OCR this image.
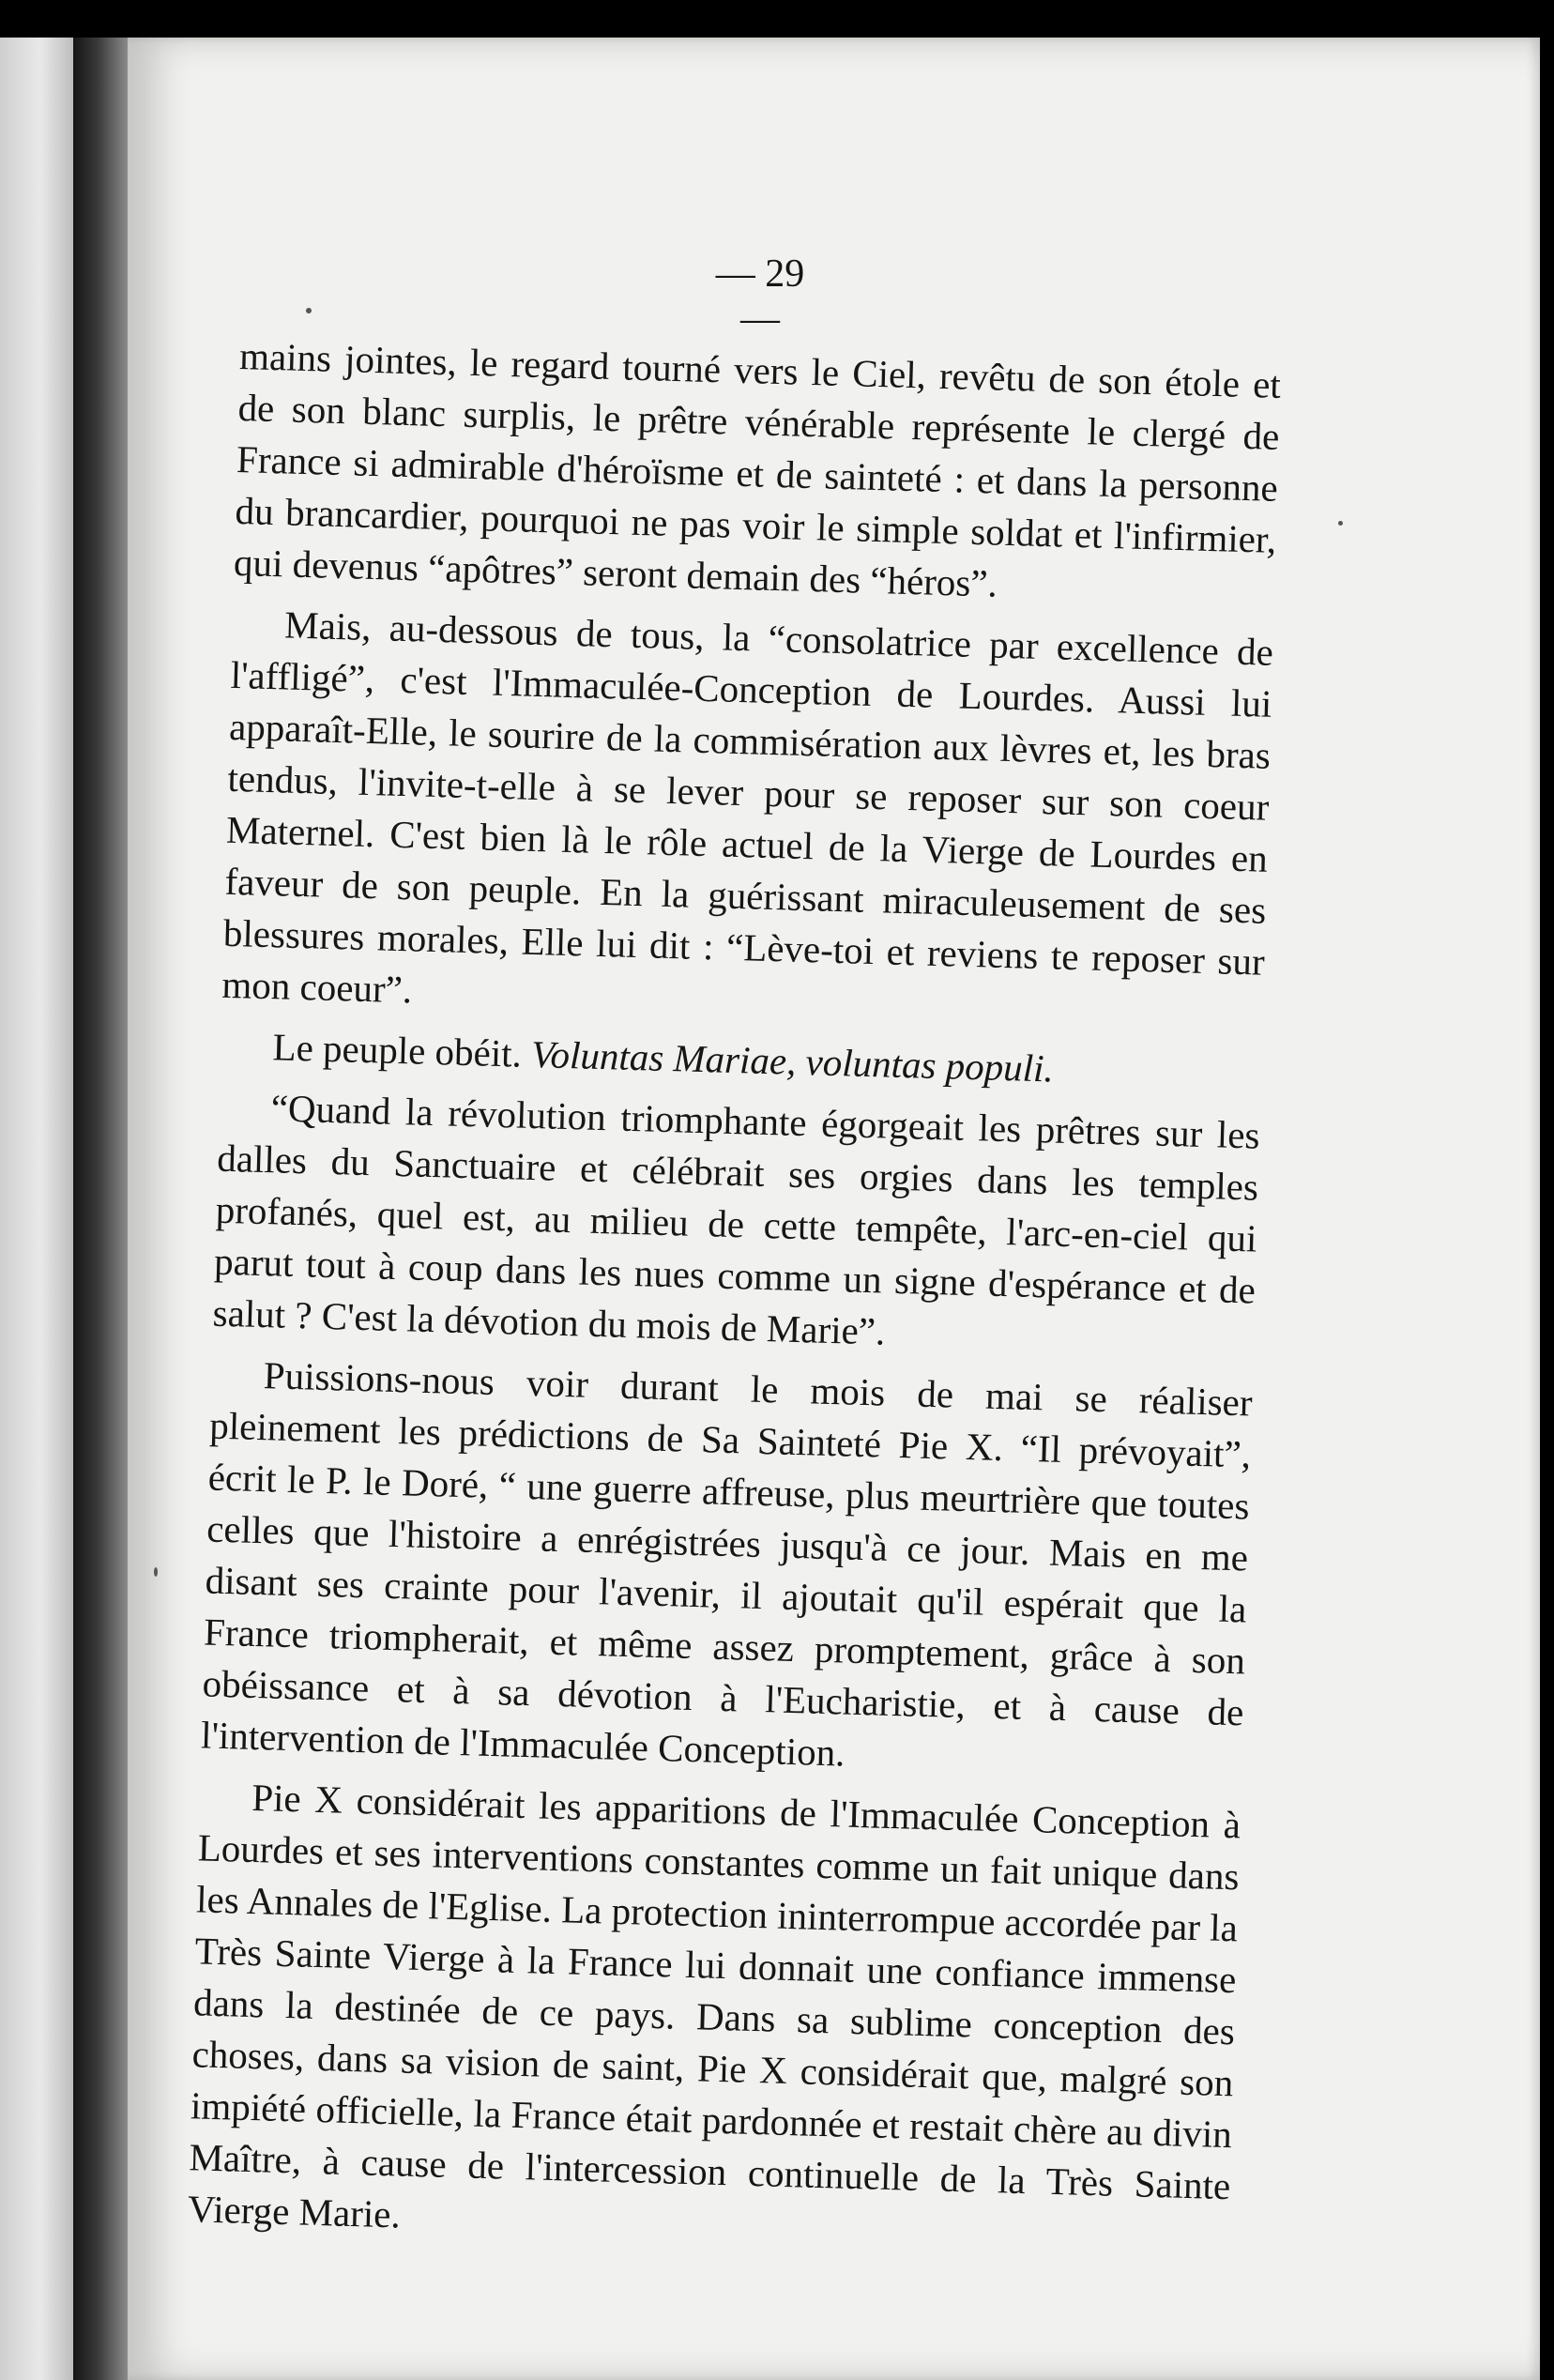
— 29 —

mains jointes, le regard tourné vers le Ciel, revêtu de son étole et de son blanc surplis, le prêtre vénérable représente le clergé de France si admirable d'héroïsme et de sainteté : et dans la personne du brancardier, pourquoi ne pas voir le simple soldat et l'infirmier, qui devenus “apôtres” seront demain des “héros”.

Mais, au-dessous de tous, la “consolatrice par excellence de l'affligé”, c'est l'Immaculée-Conception de Lourdes. Aussi lui apparaît-Elle, le sourire de la commisération aux lèvres et, les bras tendus, l'invite-t-elle à se lever pour se reposer sur son coeur Maternel. C'est bien là le rôle actuel de la Vierge de Lourdes en faveur de son peuple. En la guérissant miraculeusement de ses blessures morales, Elle lui dit : “Lève-toi et reviens te reposer sur mon coeur”.

Le peuple obéit. Voluntas Mariae, voluntas populi.

“Quand la révolution triomphante égorgeait les prêtres sur les dalles du Sanctuaire et célébrait ses orgies dans les temples profanés, quel est, au milieu de cette tempête, l'arc-en-ciel qui parut tout à coup dans les nues comme un signe d'espérance et de salut ? C'est la dévotion du mois de Marie”.

Puissions-nous voir durant le mois de mai se réaliser pleinement les prédictions de Sa Sainteté Pie X. “Il prévoyait”, écrit le P. le Doré, “ une guerre affreuse, plus meurtrière que toutes celles que l'histoire a enrégistrées jusqu'à ce jour. Mais en me disant ses crainte pour l'avenir, il ajoutait qu'il espérait que la France triompherait, et même assez promptement, grâce à son obéissance et à sa dévotion à l'Eucharistie, et à cause de l'intervention de l'Immaculée Conception.

Pie X considérait les apparitions de l'Immaculée Conception à Lourdes et ses interventions constantes comme un fait unique dans les Annales de l'Eglise. La protection ininterrompue accordée par la Très Sainte Vierge à la France lui donnait une confiance immense dans la destinée de ce pays. Dans sa sublime conception des choses, dans sa vision de saint, Pie X considérait que, malgré son impiété officielle, la France était pardonnée et restait chère au divin Maître, à cause de l'intercession continuelle de la Très Sainte Vierge Marie.
